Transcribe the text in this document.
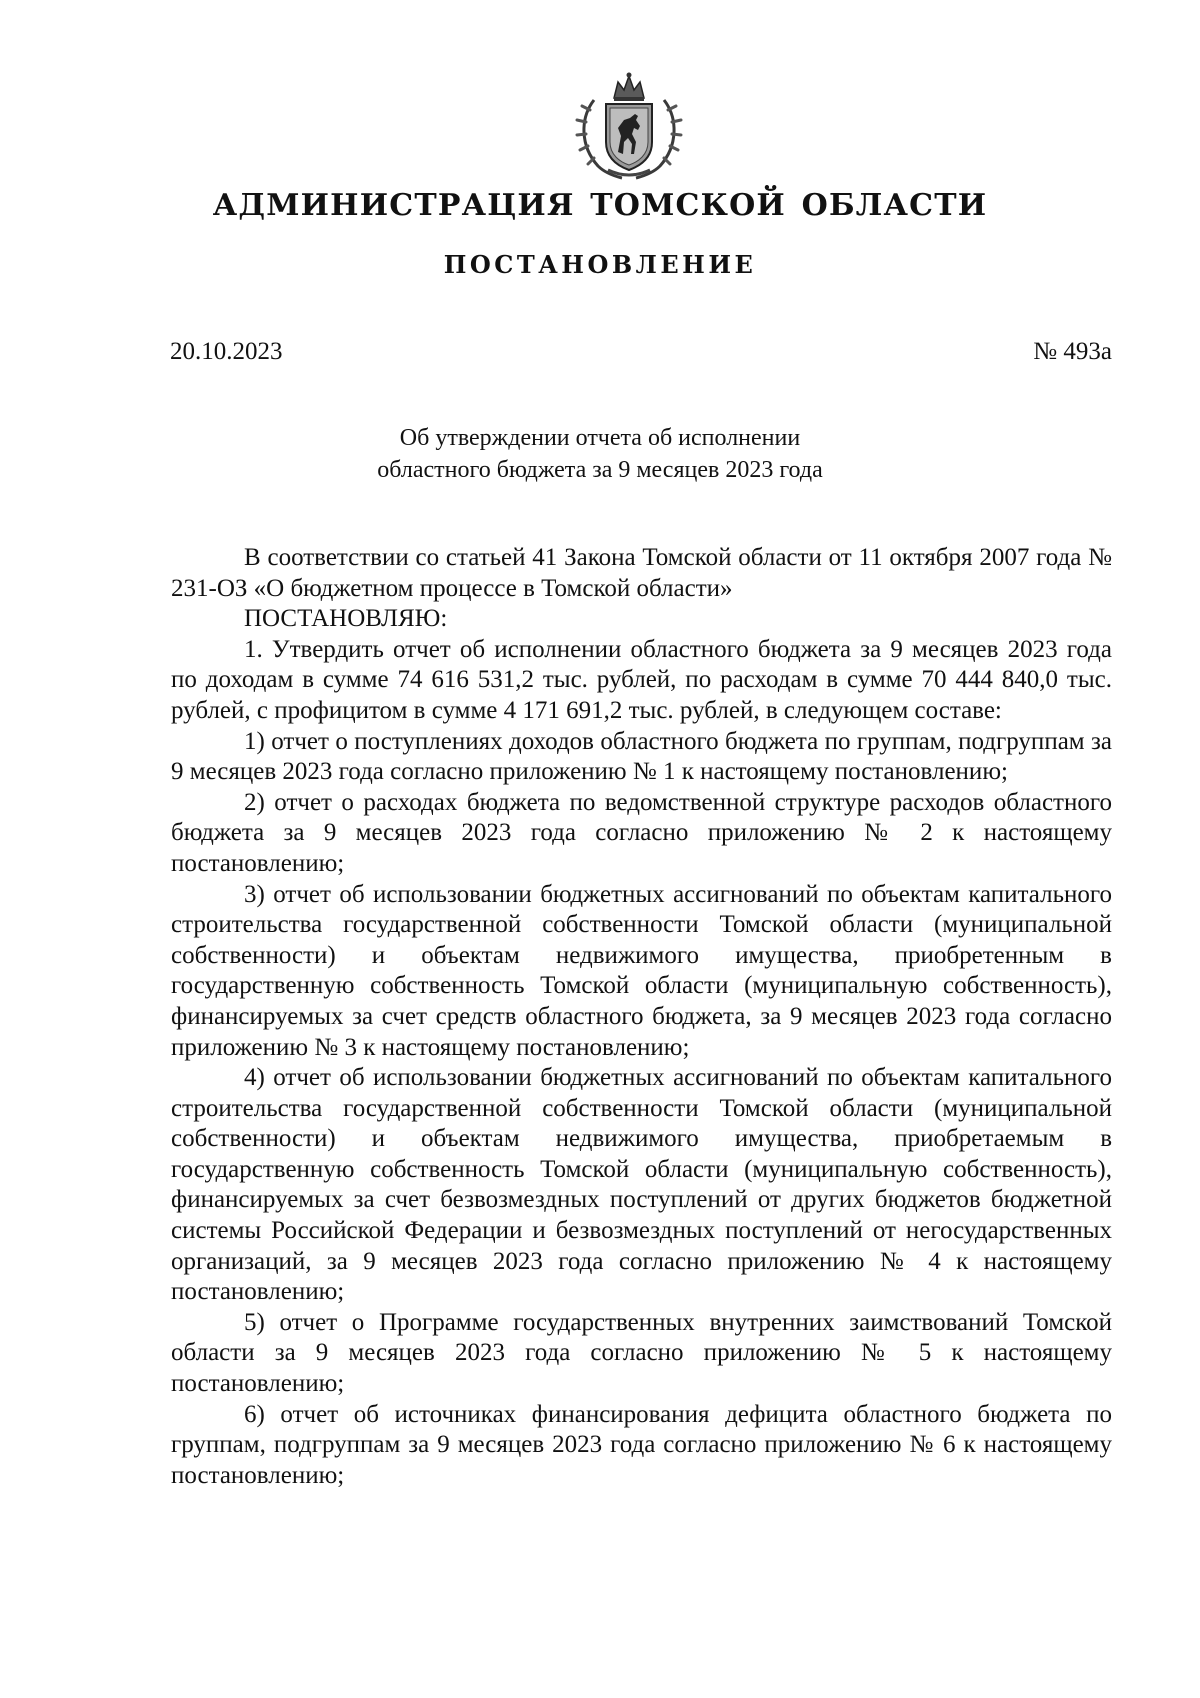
АДМИНИСТРАЦИЯ ТОМСКОЙ ОБЛАСТИ
ПОСТАНОВЛЕНИЕ
20.10.2023	№ 493а
Об утверждении отчета об исполнении
областного бюджета за 9 месяцев 2023 года

В соответствии со статьей 41 Закона Томской области от 11 октября 2007 года № 231-ОЗ «О бюджетном процессе в Томской области»

ПОСТАНОВЛЯЮ:

1. Утвердить отчет об исполнении областного бюджета за 9 месяцев 2023 года по доходам в сумме 74 616 531,2 тыс. рублей, по расходам в сумме 70 444 840,0 тыс. рублей, с профицитом в сумме 4 171 691,2 тыс. рублей, в следующем составе:

1) отчет о поступлениях доходов областного бюджета по группам, подгруппам за 9 месяцев 2023 года согласно приложению № 1 к настоящему постановлению;

2) отчет о расходах бюджета по ведомственной структуре расходов областного бюджета за 9 месяцев 2023 года согласно приложению № 2 к настоящему постановлению;

3) отчет об использовании бюджетных ассигнований по объектам капитального строительства государственной собственности Томской области (муниципальной собственности) и объектам недвижимого имущества, приобретенным в государственную собственность Томской области (муниципальную собственность), финансируемых за счет средств областного бюджета, за 9 месяцев 2023 года согласно приложению № 3 к настоящему постановлению;

4) отчет об использовании бюджетных ассигнований по объектам капитального строительства государственной собственности Томской области (муниципальной собственности) и объектам недвижимого имущества, приобретаемым в государственную собственность Томской области (муниципальную собственность), финансируемых за счет безвозмездных поступлений от других бюджетов бюджетной системы Российской Федерации и безвозмездных поступлений от негосударственных организаций, за 9 месяцев 2023 года согласно приложению № 4 к настоящему постановлению;

5) отчет о Программе государственных внутренних заимствований Томской области за 9 месяцев 2023 года согласно приложению № 5 к настоящему постановлению;

6) отчет об источниках финансирования дефицита областного бюджета по группам, подгруппам за 9 месяцев 2023 года согласно приложению № 6 к настоящему постановлению;
